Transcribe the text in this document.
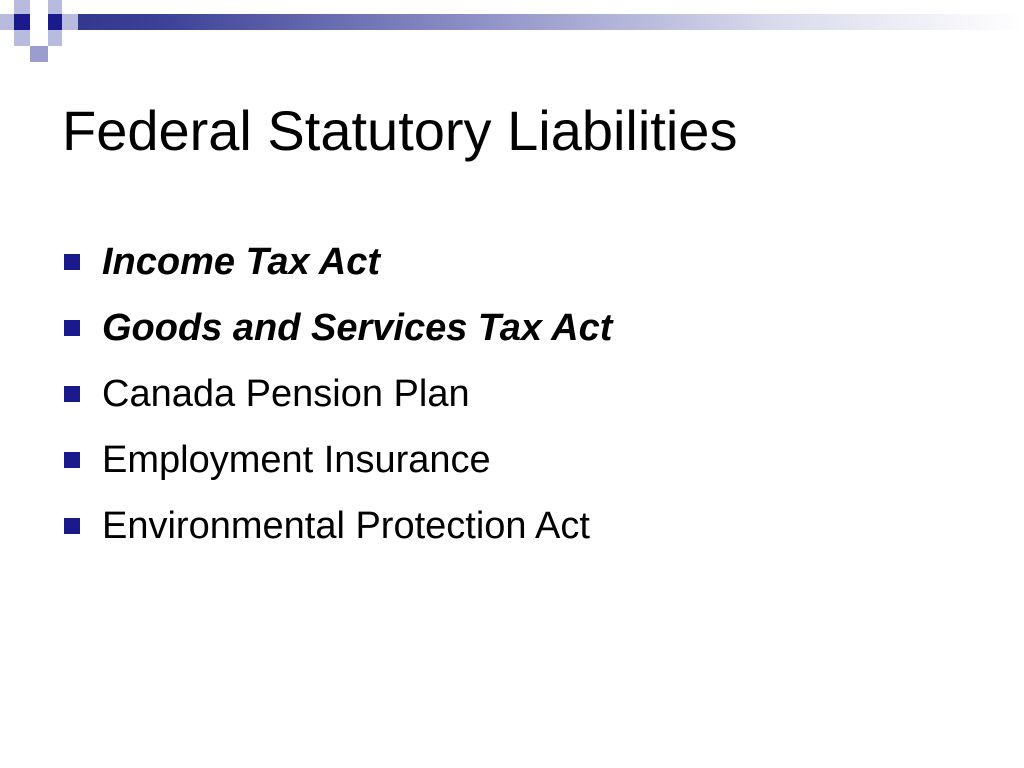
Federal Statutory Liabilities
Income Tax Act
Goods and Services Tax Act
Canada Pension Plan
Employment Insurance
Environmental Protection Act
